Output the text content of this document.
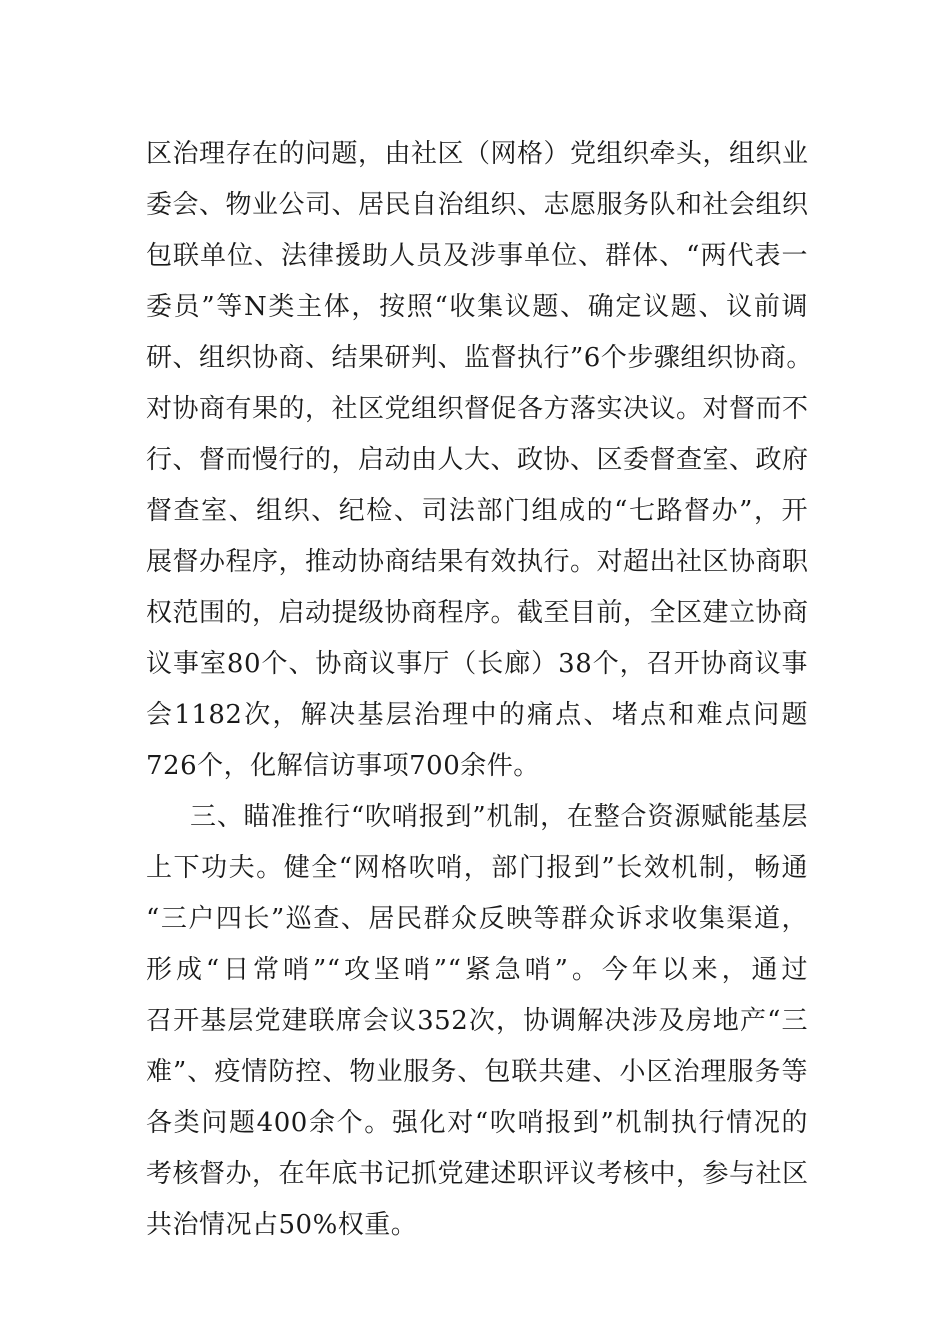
区治理存在的问题，由社区（网格）党组织牵头，组织业
委会、物业公司、居民自治组织、志愿服务队和社会组织
包联单位、法律援助人员及涉事单位、群体、“两代表一
委员”等N类主体，按照“收集议题、确定议题、议前调
研、组织协商、结果研判、监督执行”6个步骤组织协商。
对协商有果的，社区党组织督促各方落实决议。对督而不
行、督而慢行的，启动由人大、政协、区委督查室、政府
督查室、组织、纪检、司法部门组成的“七路督办”，开
展督办程序，推动协商结果有效执行。对超出社区协商职
权范围的，启动提级协商程序。截至目前，全区建立协商
议事室80个、协商议事厅（长廊）38个，召开协商议事
会1182次，解决基层治理中的痛点、堵点和难点问题
726个，化解信访事项700余件。
三、瞄准推行“吹哨报到”机制，在整合资源赋能基层
上下功夫。健全“网格吹哨，部门报到”长效机制，畅通
“三户四长”巡查、居民群众反映等群众诉求收集渠道，
形成“日常哨”“攻坚哨”“紧急哨”。今年以来，通过
召开基层党建联席会议352次，协调解决涉及房地产“三
难”、疫情防控、物业服务、包联共建、小区治理服务等
各类问题400余个。强化对“吹哨报到”机制执行情况的
考核督办，在年底书记抓党建述职评议考核中，参与社区
共治情况占50%权重。
